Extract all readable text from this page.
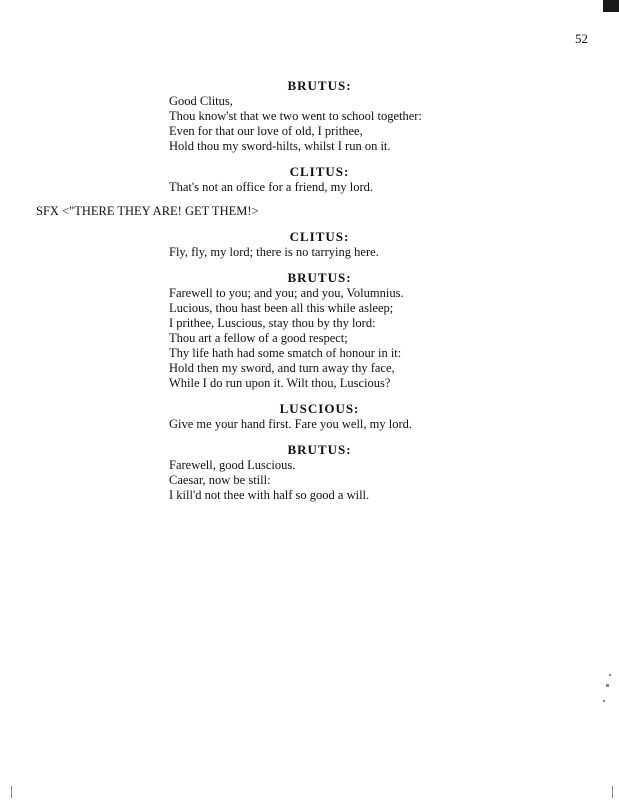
52
BRUTUS:
Good Clitus,
Thou know'st that we two went to school together:
Even for that our love of old, I prithee,
Hold thou my sword-hilts, whilst I run on it.
CLITUS:
That's not an office for a friend, my lord.
SFX <"THERE THEY ARE! GET THEM!>
CLITUS:
Fly, fly, my lord; there is no tarrying here.
BRUTUS:
Farewell to you; and you; and you, Volumnius.
Lucious, thou hast been all this while asleep;
I prithee, Luscious, stay thou by thy lord:
Thou art a fellow of a good respect;
Thy life hath had some smatch of honour in it:
Hold then my sword, and turn away thy face,
While I do run upon it. Wilt thou, Luscious?
LUSCIOUS:
Give me your hand first. Fare you well, my lord.
BRUTUS:
Farewell, good Luscious.
Caesar, now be still:
I kill'd not thee with half so good a will.
